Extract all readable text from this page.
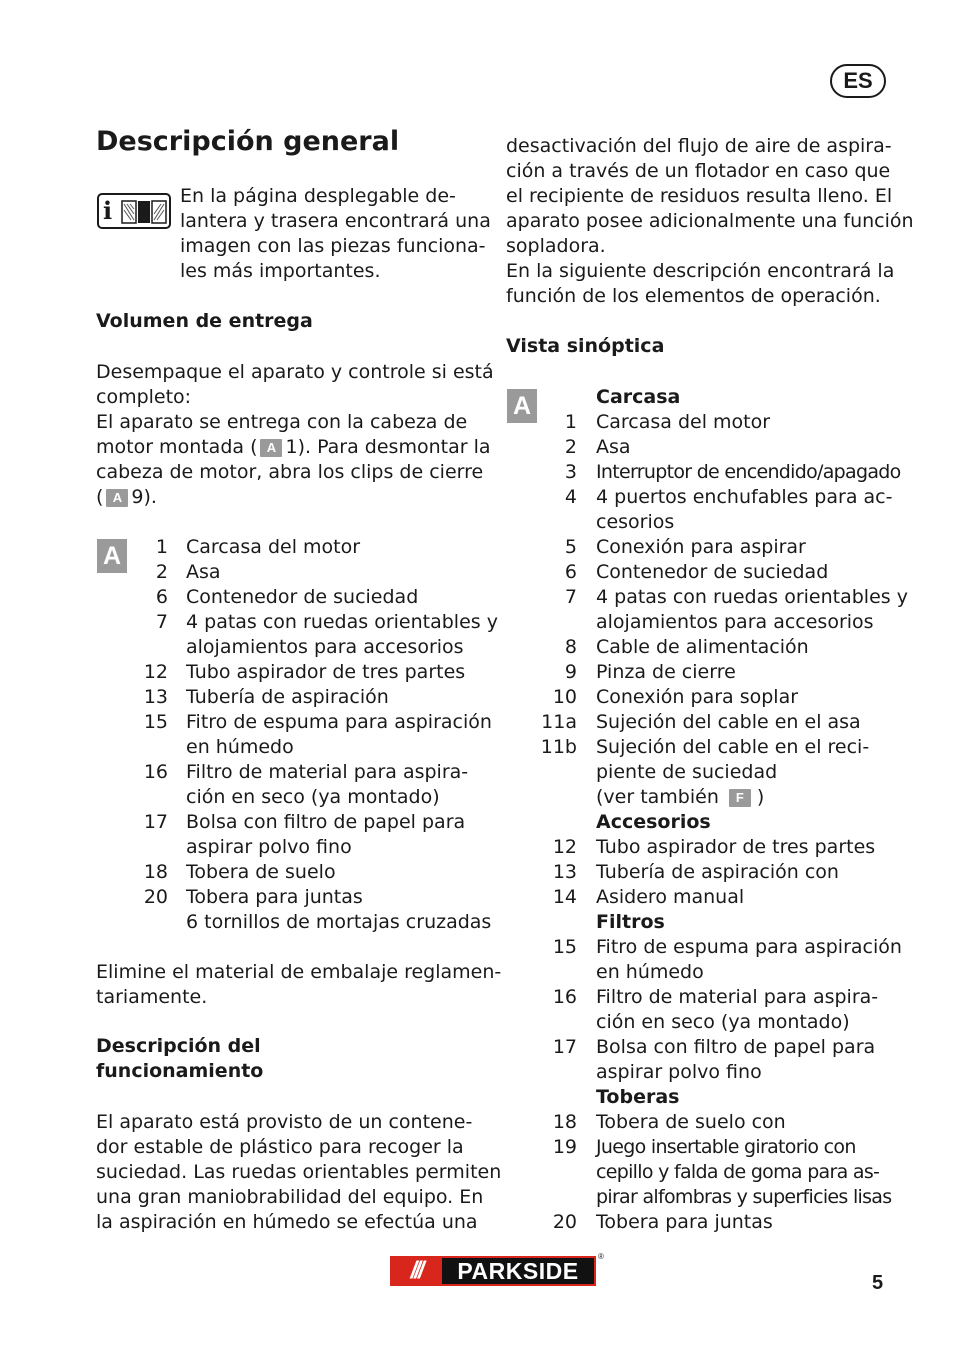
ES
Descripción general
i	En la página desplegable de-

lantera y trasera encontrará una

imagen con las piezas funciona-

les más importantes.

Volumen de entrega

Desempaque el aparato y controle si está

completo:

El aparato se entrega con la cabeza de

motor montada ( A 1). Para desmontar la

cabeza de motor, abra los clips de cierre

( A 9).

A	1 Carcasa del motor
2 Asa
6 Contenedor de suciedad
7 4 patas con ruedas orientables y
alojamientos para accesorios
12 Tubo aspirador de tres partes
13 Tubería de aspiración
15 Fitro de espuma para aspiración
en húmedo
16 Filtro de material para aspira-
ción en seco (ya montado)
17 Bolsa con filtro de papel para
aspirar polvo fino
18 Tobera de suelo
20 Tobera para juntas
6 tornillos de mortajas cruzadas

Elimine el material de embalaje reglamen-

tariamente.

Descripción del
funcionamiento

El aparato está provisto de un contene-

dor estable de plástico para recoger la

suciedad. Las ruedas orientables permiten

una gran maniobrabilidad del equipo. En

la aspiración en húmedo se efectúa una

desactivación del flujo de aire de aspira-

ción a través de un flotador en caso que

el recipiente de residuos resulta lleno. El

aparato posee adicionalmente una función

sopladora.

En la siguiente descripción encontrará la

función de los elementos de operación.

Vista sinóptica
A	Carcasa
1 Carcasa del motor
2 Asa
3 Interruptor de encendido/apagado
4 4 puertos enchufables para ac-
cesorios
5 Conexión para aspirar
6 Contenedor de suciedad
7 4 patas con ruedas orientables y
alojamientos para accesorios
8 Cable de alimentación
9 Pinza de cierre
10 Conexión para soplar
11a Sujeción del cable en el asa
11b Sujeción del cable en el reci-
piente de suciedad
(ver también F )
Accesorios
12 Tubo aspirador de tres partes
13 Tubería de aspiración con
14 Asidero manual
Filtros
15 Fitro de espuma para aspiración
en húmedo
16 Filtro de material para aspira-
ción en seco (ya montado)
17 Bolsa con filtro de papel para
aspirar polvo fino
Toberas
18 Tobera de suelo con
19 Juego insertable giratorio con
cepillo y falda de goma para as-
pirar alfombras y superficies lisas
20 Tobera para juntas
///	PARKSIDE
®
5
